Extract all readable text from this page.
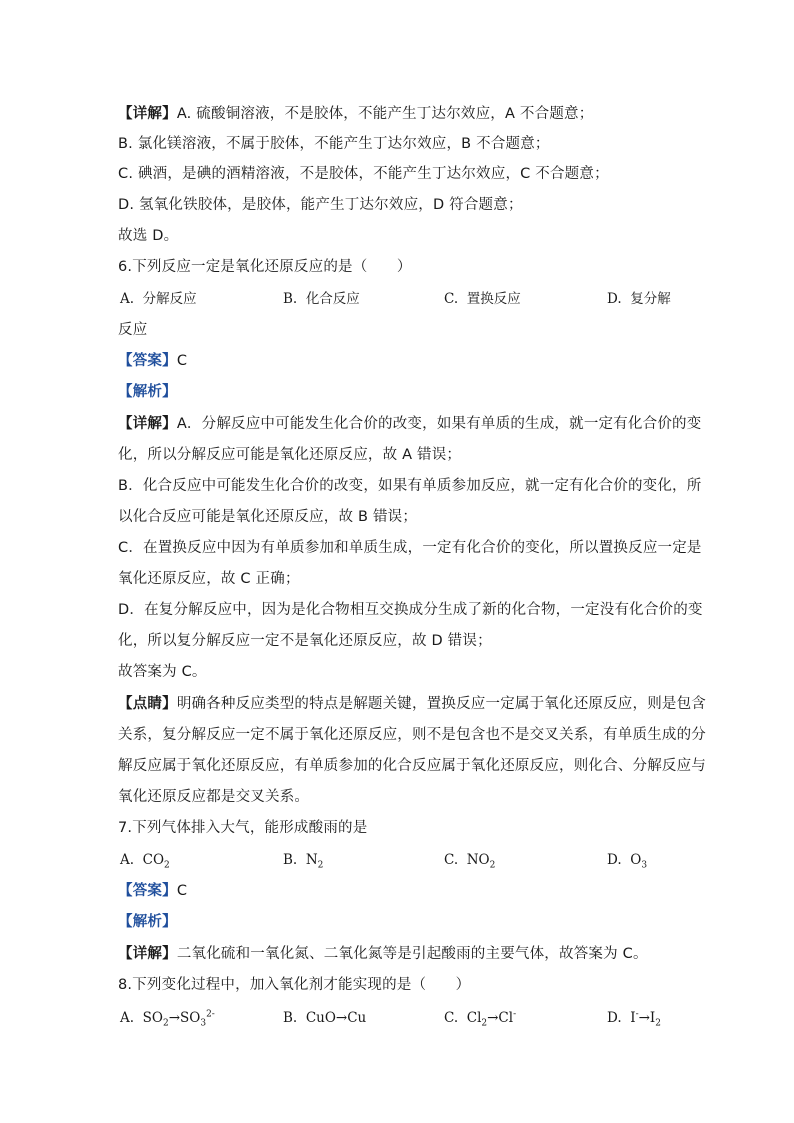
【详解】A. 硫酸铜溶液，不是胶体，不能产生丁达尔效应，A 不合题意；
B. 氯化镁溶液，不属于胶体，不能产生丁达尔效应，B 不合题意；
C. 碘酒，是碘的酒精溶液，不是胶体，不能产生丁达尔效应，C 不合题意；
D. 氢氧化铁胶体，是胶体，能产生丁达尔效应，D 符合题意；
故选 D。
6.下列反应一定是氧化还原反应的是（　　）
A. 分解反应	B. 化合反应	C. 置换反应	D. 复分解
反应
【答案】C
【解析】
【详解】A．分解反应中可能发生化合价的改变，如果有单质的生成，就一定有化合价的变
化，所以分解反应可能是氧化还原反应，故 A 错误；
B．化合反应中可能发生化合价的改变，如果有单质参加反应，就一定有化合价的变化，所
以化合反应可能是氧化还原反应，故 B 错误；
C．在置换反应中因为有单质参加和单质生成，一定有化合价的变化，所以置换反应一定是
氧化还原反应，故 C 正确；
D．在复分解反应中，因为是化合物相互交换成分生成了新的化合物，一定没有化合价的变
化，所以复分解反应一定不是氧化还原反应，故 D 错误；
故答案为 C。
【点睛】明确各种反应类型的特点是解题关键，置换反应一定属于氧化还原反应，则是包含
关系，复分解反应一定不属于氧化还原反应，则不是包含也不是交叉关系，有单质生成的分
解反应属于氧化还原反应，有单质参加的化合反应属于氧化还原反应，则化合、分解反应与
氧化还原反应都是交叉关系。
7.下列气体排入大气，能形成酸雨的是
A. $CO_2$	B. $N_2$	C. $NO_2$	D. $O_3$
【答案】C
【解析】
【详解】二氧化硫和一氧化氮、二氧化氮等是引起酸雨的主要气体，故答案为 C。
8.下列变化过程中，加入氧化剂才能实现的是（　　）
A. $SO_2\to SO_3^{2-}$	B. CuO→Cu	C. $Cl_2\to Cl^-$	D. $I^-\to I_2$
